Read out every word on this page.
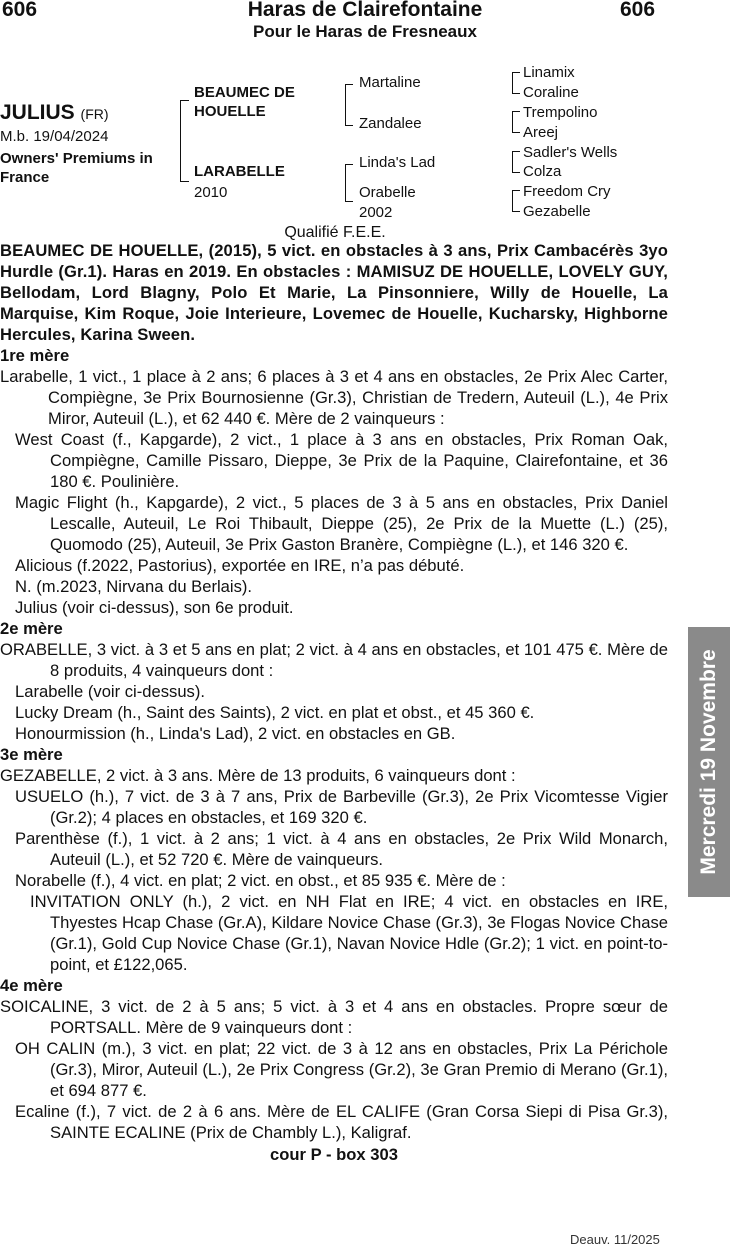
606	606
Haras de Clairefontaine
Pour le Haras de Fresneaux
JULIUS (FR)
M.b. 19/04/2024
Owners' Premiums in France
BEAUMEC DE HOUELLE
LARABELLE
2010
Martaline
Zandalee
Linda's Lad
Orabelle
2002
Linamix
Coraline
Trempolino
Areej
Sadler's Wells
Colza
Freedom Cry
Gezabelle
Qualifié F.E.E.

BEAUMEC DE HOUELLE, (2015), 5 vict. en obstacles à 3 ans, Prix Cambacérès 3yo Hurdle (Gr.1). Haras en 2019. En obstacles : MAMISUZ DE HOUELLE, LOVELY GUY, Bellodam, Lord Blagny, Polo Et Marie, La Pinsonniere, Willy de Houelle, La Marquise, Kim Roque, Joie Interieure, Lovemec de Houelle, Kucharsky, Highborne Hercules, Karina Sween.

1re mère

Larabelle, 1 vict., 1 place à 2 ans; 6 places à 3 et 4 ans en obstacles, 2e Prix Alec Carter, Compiègne, 3e Prix Bournosienne (Gr.3), Christian de Tredern, Auteuil (L.), 4e Prix Miror, Auteuil (L.), et 62 440 €. Mère de 2 vainqueurs :

West Coast (f., Kapgarde), 2 vict., 1 place à 3 ans en obstacles, Prix Roman Oak, Compiègne, Camille Pissaro, Dieppe, 3e Prix de la Paquine, Clairefontaine, et 36 180 €. Poulinière.

Magic Flight (h., Kapgarde), 2 vict., 5 places de 3 à 5 ans en obstacles, Prix Daniel Lescalle, Auteuil, Le Roi Thibault, Dieppe (25), 2e Prix de la Muette (L.) (25), Quomodo (25), Auteuil, 3e Prix Gaston Branère, Compiègne (L.), et 146 320 €.

Alicious (f.2022, Pastorius), exportée en IRE, n’a pas débuté.

N. (m.2023, Nirvana du Berlais).

Julius (voir ci-dessus), son 6e produit.

2e mère

ORABELLE, 3 vict. à 3 et 5 ans en plat; 2 vict. à 4 ans en obstacles, et 101 475 €. Mère de 8 produits, 4 vainqueurs dont :

Larabelle (voir ci-dessus).

Lucky Dream (h., Saint des Saints), 2 vict. en plat et obst., et 45 360 €.

Honourmission (h., Linda's Lad), 2 vict. en obstacles en GB.

3e mère

GEZABELLE, 2 vict. à 3 ans. Mère de 13 produits, 6 vainqueurs dont :

USUELO (h.), 7 vict. de 3 à 7 ans, Prix de Barbeville (Gr.3), 2e Prix Vicomtesse Vigier (Gr.2); 4 places en obstacles, et 169 320 €.

Parenthèse (f.), 1 vict. à 2 ans; 1 vict. à 4 ans en obstacles, 2e Prix Wild Monarch, Auteuil (L.), et 52 720 €. Mère de vainqueurs.

Norabelle (f.), 4 vict. en plat; 2 vict. en obst., et 85 935 €. Mère de :

INVITATION ONLY (h.), 2 vict. en NH Flat en IRE; 4 vict. en obstacles en IRE, Thyestes Hcap Chase (Gr.A), Kildare Novice Chase (Gr.3), 3e Flogas Novice Chase (Gr.1), Gold Cup Novice Chase (Gr.1), Navan Novice Hdle (Gr.2); 1 vict. en point-to-point, et £122,065.

4e mère

SOICALINE, 3 vict. de 2 à 5 ans; 5 vict. à 3 et 4 ans en obstacles. Propre sœur de PORTSALL. Mère de 9 vainqueurs dont :

OH CALIN (m.), 3 vict. en plat; 22 vict. de 3 à 12 ans en obstacles, Prix La Périchole (Gr.3), Miror, Auteuil (L.), 2e Prix Congress (Gr.2), 3e Gran Premio di Merano (Gr.1), et 694 877 €.

Ecaline (f.), 7 vict. de 2 à 6 ans. Mère de EL CALIFE (Gran Corsa Siepi di Pisa Gr.3), SAINTE ECALINE (Prix de Chambly L.), Kaligraf.

cour P - box 303

Deauv. 11/2025
Mercredi 19 Novembre
